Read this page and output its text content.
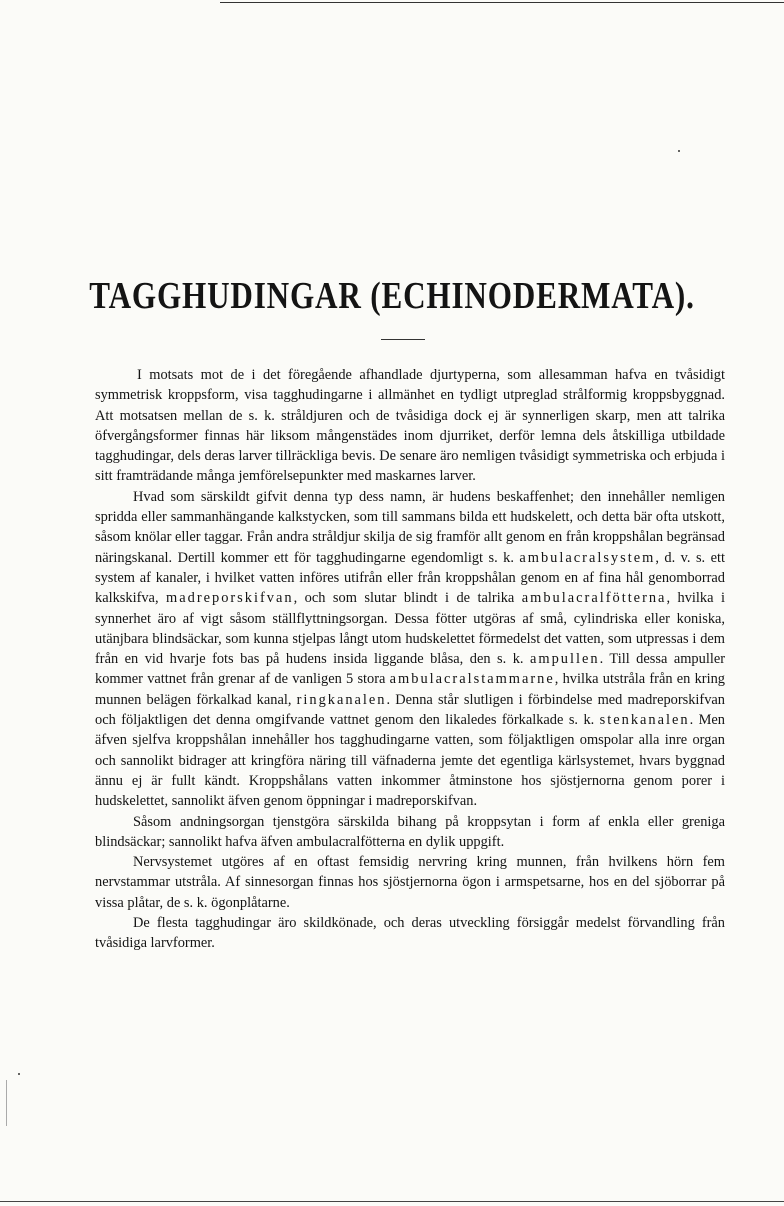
TAGGHUDINGAR (ECHINODERMATA).

I motsats mot de i det föregående afhandlade djurtyperna, som allesamman hafva en tvåsidigt symmetrisk kroppsform, visa tagghudingarne i allmänhet en tydligt utpreglad strålformig kroppsbyggnad. Att motsatsen mellan de s. k. stråldjuren och de tvåsidiga dock ej är synnerligen skarp, men att talrika öfvergångsformer finnas här liksom mångenstädes inom djurriket, derför lemna dels åtskilliga utbildade tagghudingar, dels deras larver tillräckliga bevis. De senare äro nemligen tvåsidigt symmetriska och erbjuda i sitt framträdande många jemförelsepunkter med maskarnes larver.

Hvad som särskildt gifvit denna typ dess namn, är hudens beskaffenhet; den innehåller nemligen spridda eller sammanhängande kalkstycken, som till sammans bilda ett hudskelett, och detta bär ofta utskott, såsom knölar eller taggar. Från andra stråldjur skilja de sig framför allt genom en från kroppshålan begränsad näringskanal. Dertill kommer ett för tagghudingarne egendomligt s. k. ambulacralsystem, d. v. s. ett system af kanaler, i hvilket vatten införes utifrån eller från kroppshålan genom en af fina hål genomborrad kalkskifva, madreporskifvan, och som slutar blindt i de talrika ambulacralfötterna, hvilka i synnerhet äro af vigt såsom ställflyttningsorgan. Dessa fötter utgöras af små, cylindriska eller koniska, utänjbara blindsäckar, som kunna stjelpas långt utom hudskelettet förmedelst det vatten, som utpressas i dem från en vid hvarje fots bas på hudens insida liggande blåsa, den s. k. ampullen. Till dessa ampuller kommer vattnet från grenar af de vanligen 5 stora ambulacralstammarne, hvilka utstråla från en kring munnen belägen förkalkad kanal, ringkanalen. Denna står slutligen i förbindelse med madreporskifvan och följaktligen det denna omgifvande vattnet genom den likaledes förkalkade s. k. stenkanalen. Men äfven sjelfva kroppshålan innehåller hos tagghudingarne vatten, som följaktligen omspolar alla inre organ och sannolikt bidrager att kringföra näring till väfnaderna jemte det egentliga kärlsystemet, hvars byggnad ännu ej är fullt kändt. Kroppshålans vatten inkommer åtminstone hos sjöstjernorna genom porer i hudskelettet, sannolikt äfven genom öppningar i madreporskifvan.

Såsom andningsorgan tjenstgöra särskilda bihang på kroppsytan i form af enkla eller greniga blindsäckar; sannolikt hafva äfven ambulacralfötterna en dylik uppgift.

Nervsystemet utgöres af en oftast femsidig nervring kring munnen, från hvilkens hörn fem nervstammar utstråla. Af sinnesorgan finnas hos sjöstjernorna ögon i armspetsarne, hos en del sjöborrar på vissa plåtar, de s. k. ögonplåtarne.

De flesta tagghudingar äro skildkönade, och deras utveckling försiggår medelst förvandling från tvåsidiga larvformer.
